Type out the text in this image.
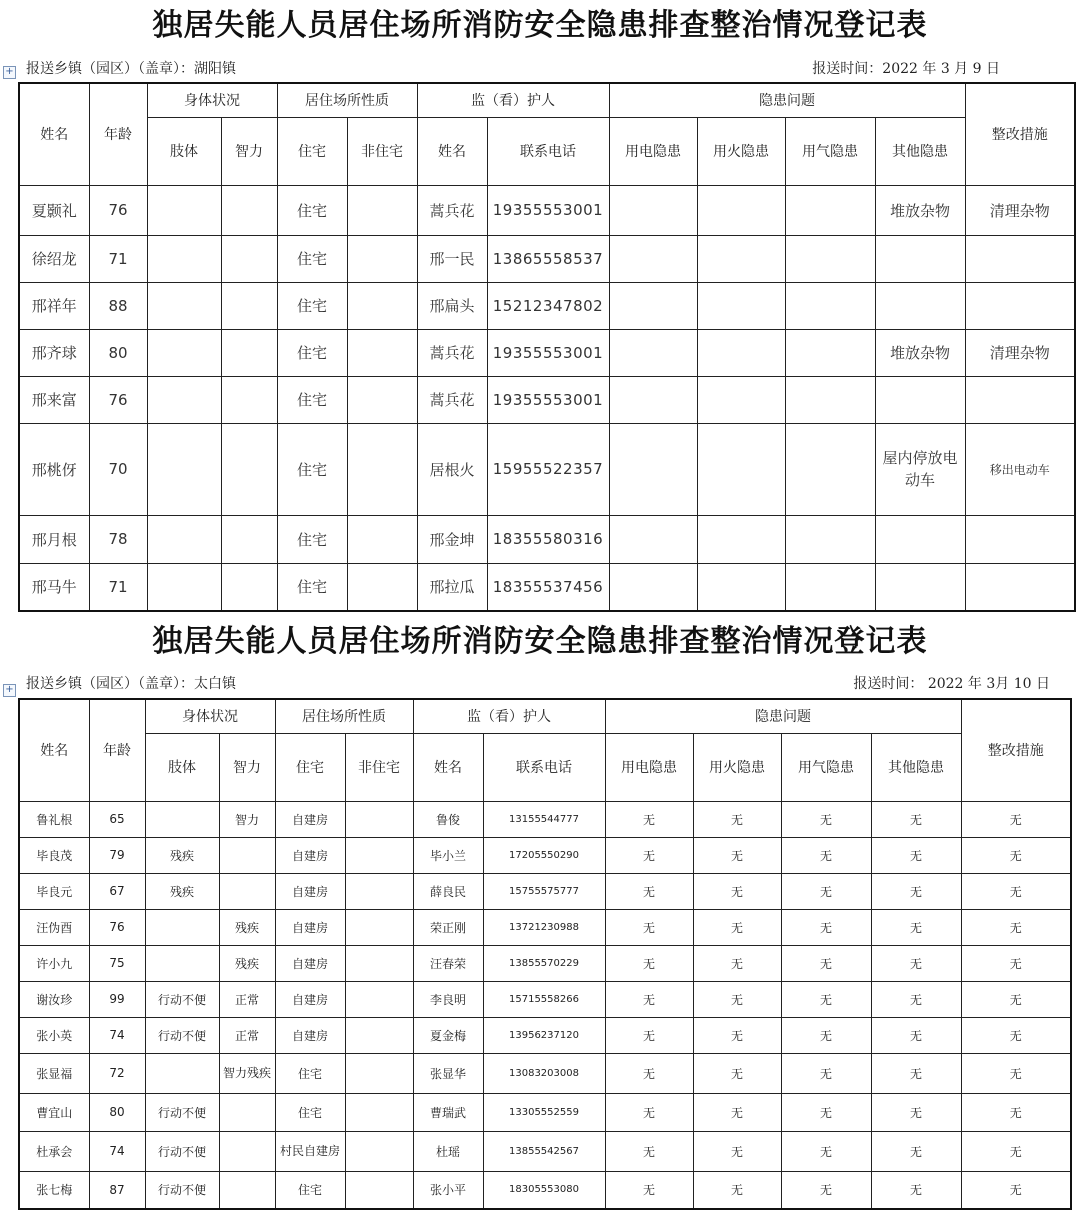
独居失能人员居住场所消防安全隐患排查整治情况登记表
报送乡镇（园区）（盖章）：湖阳镇	报送时间：2022 年 3 月 9 日
+
姓名	年龄	身体状况		居住场所性质		监（看）护人		隐患问题				整改措施
		肢体	智力	住宅	非住宅	姓名	联系电话	用电隐患	用火隐患	用气隐患	其他隐患	
夏颢礼	76			住宅		蒿兵花	19355553001				堆放杂物	清理杂物
徐绍龙	71			住宅		邢一民	13865558537					
邢祥年	88			住宅		邢扁头	15212347802					
邢齐球	80			住宅		蒿兵花	19355553001				堆放杂物	清理杂物
邢来富	76			住宅		蒿兵花	19355553001					
邢桃伢	70			住宅		居根火	15955522357				屋内停放电动车	移出电动车
邢月根	78			住宅		邢金坤	18355580316					
邢马牛	71			住宅		邢拉瓜	18355537456					
独居失能人员居住场所消防安全隐患排查整治情况登记表
报送乡镇（园区）（盖章）：太白镇	报送时间： 2022 年 3月 10 日
+
姓名	年龄	身体状况		居住场所性质		监（看）护人		隐患问题				整改措施
		肢体	智力	住宅	非住宅	姓名	联系电话	用电隐患	用火隐患	用气隐患	其他隐患	
鲁礼根	65		智力	自建房		鲁俊	13155544777	无	无	无	无	无
毕良茂	79	残疾		自建房		毕小兰	17205550290	无	无	无	无	无
毕良元	67	残疾		自建房		薛良民	15755575777	无	无	无	无	无
汪伪酉	76		残疾	自建房		荣正刚	13721230988	无	无	无	无	无
许小九	75		残疾	自建房		汪春荣	13855570229	无	无	无	无	无
谢汝珍	99	行动不便	正常	自建房		李良明	15715558266	无	无	无	无	无
张小英	74	行动不便	正常	自建房		夏金梅	13956237120	无	无	无	无	无
张显福	72		智力残疾	住宅		张显华	13083203008	无	无	无	无	无
曹宜山	80	行动不便		住宅		曹瑞武	13305552559	无	无	无	无	无
杜承会	74	行动不便		村民自建房		杜瑶	13855542567	无	无	无	无	无
张七梅	87	行动不便		住宅		张小平	18305553080	无	无	无	无	无
